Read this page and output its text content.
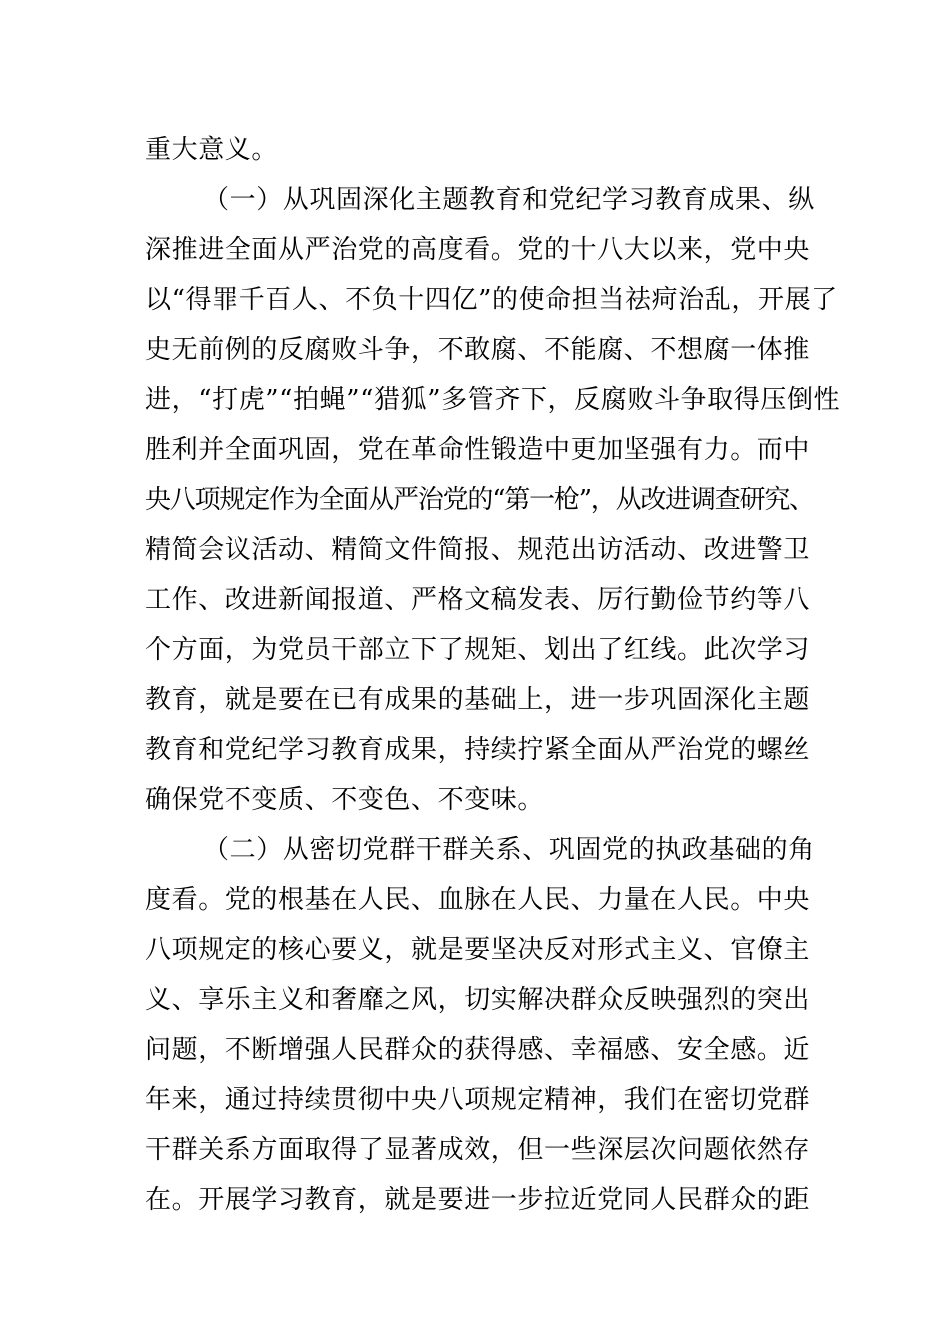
重大意义。
（一）从巩固深化主题教育和党纪学习教育成果、纵
深推进全面从严治党的高度看。党的十八大以来，党中央
以“得罪千百人、不负十四亿”的使命担当祛疴治乱，开展了
史无前例的反腐败斗争，不敢腐、不能腐、不想腐一体推
进，“打虎”“拍蝇”“猎狐”多管齐下，反腐败斗争取得压倒性
胜利并全面巩固，党在革命性锻造中更加坚强有力。而中
央八项规定作为全面从严治党的“第一枪”，从改进调查研究、
精简会议活动、精简文件简报、规范出访活动、改进警卫
工作、改进新闻报道、严格文稿发表、厉行勤俭节约等八
个方面，为党员干部立下了规矩、划出了红线。此次学习
教育，就是要在已有成果的基础上，进一步巩固深化主题
教育和党纪学习教育成果，持续拧紧全面从严治党的螺丝
确保党不变质、不变色、不变味。
（二）从密切党群干群关系、巩固党的执政基础的角
度看。党的根基在人民、血脉在人民、力量在人民。中央
八项规定的核心要义，就是要坚决反对形式主义、官僚主
义、享乐主义和奢靡之风，切实解决群众反映强烈的突出
问题，不断增强人民群众的获得感、幸福感、安全感。近
年来，通过持续贯彻中央八项规定精神，我们在密切党群
干群关系方面取得了显著成效，但一些深层次问题依然存
在。开展学习教育，就是要进一步拉近党同人民群众的距
